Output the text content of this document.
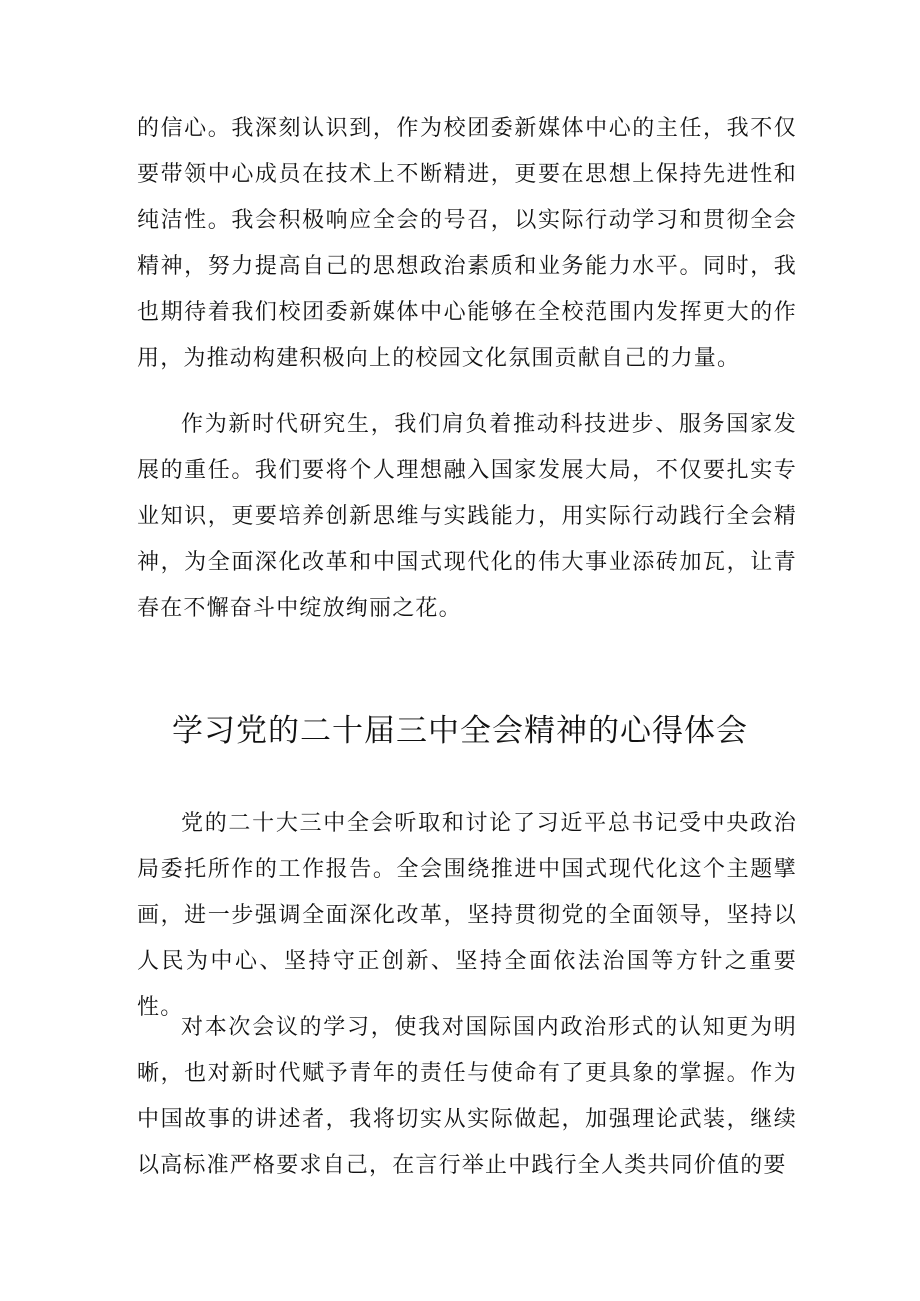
的信心。我深刻认识到，作为校团委新媒体中心的主任，我不仅要带领中心成员在技术上不断精进，更要在思想上保持先进性和纯洁性。我会积极响应全会的号召，以实际行动学习和贯彻全会精神，努力提高自己的思想政治素质和业务能力水平。同时，我也期待着我们校团委新媒体中心能够在全校范围内发挥更大的作用，为推动构建积极向上的校园文化氛围贡献自己的力量。

作为新时代研究生，我们肩负着推动科技进步、服务国家发展的重任。我们要将个人理想融入国家发展大局，不仅要扎实专业知识，更要培养创新思维与实践能力，用实际行动践行全会精神，为全面深化改革和中国式现代化的伟大事业添砖加瓦，让青春在不懈奋斗中绽放绚丽之花。

学习党的二十届三中全会精神的心得体会

党的二十大三中全会听取和讨论了习近平总书记受中央政治局委托所作的工作报告。全会围绕推进中国式现代化这个主题擘画，进一步强调全面深化改革，坚持贯彻党的全面领导，坚持以人民为中心、坚持守正创新、坚持全面依法治国等方针之重要性。

对本次会议的学习，使我对国际国内政治形式的认知更为明晰，也对新时代赋予青年的责任与使命有了更具象的掌握。作为中国故事的讲述者，我将切实从实际做起，加强理论武装，继续以高标准严格要求自己，在言行举止中践行全人类共同价值的要
